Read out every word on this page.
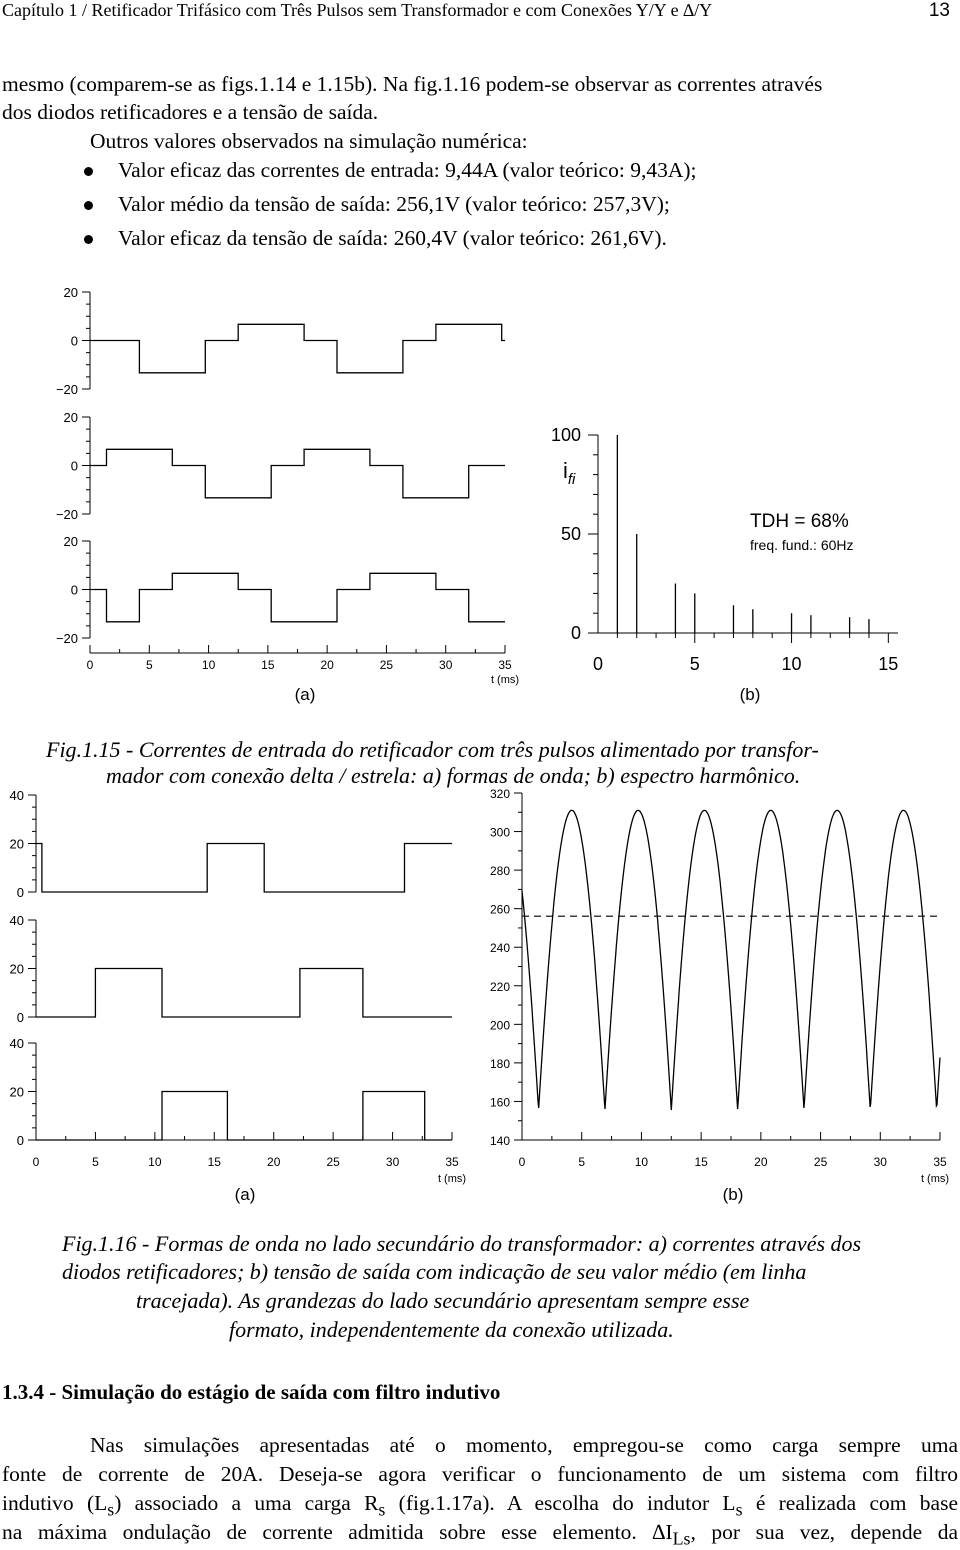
Capítulo 1 / Retificador Trifásico com Três Pulsos sem Transformador e com Conexões Y/Y e ∆/Y	13
mesmo (comparem-se as figs.1.14 e 1.15b). Na fig.1.16 podem-se observar as correntes através
dos diodos retificadores e a tensão de saída.
Outros valores observados na simulação numérica:
Valor eficaz das correntes de entrada: 9,44A (valor teórico: 9,43A);
Valor médio da tensão de saída: 256,1V (valor teórico: 257,3V);
Valor eficaz da tensão de saída: 260,4V (valor teórico: 261,6V).
20
0
−20
20
0
−20
20
0
−20
0	5	10	15	20	25	30	35
t (ms)
100
50
0
0	5	10	15
(a)	(b)
$i_{fi}$
TDH = 68%
freq. fund.: 60Hz
Fig.1.15 - Correntes de entrada do retificador com três pulsos alimentado por transfor-
mador com conexão delta / estrela: a) formas de onda; b) espectro harmônico.
40
20
0
40
20
0
40
20
0
0	5	10	15	20	25	30	35
t (ms)
320
300
280
260
240
220
200
180
160
140
0	5	10	15	20	25	30	35
t (ms)
(a)	(b)
Fig.1.16 - Formas de onda no lado secundário do transformador: a) correntes através dos
diodos retificadores; b) tensão de saída com indicação de seu valor médio (em linha
tracejada). As grandezas do lado secundário apresentam sempre esse
formato, independentemente da conexão utilizada.
1.3.4 - Simulação do estágio de saída com filtro indutivo
Nas simulações apresentadas até o momento, empregou-se como carga sempre uma
fonte de corrente de 20A. Deseja-se agora verificar o funcionamento de um sistema com filtro
indutivo $(L_s)$ associado a uma carga $R_s$ (fig.1.17a). A escolha do indutor $L_s$ é realizada com base
na máxima ondulação de corrente admitida sobre esse elemento. $\Delta I_{Ls}$, por sua vez, depende da
